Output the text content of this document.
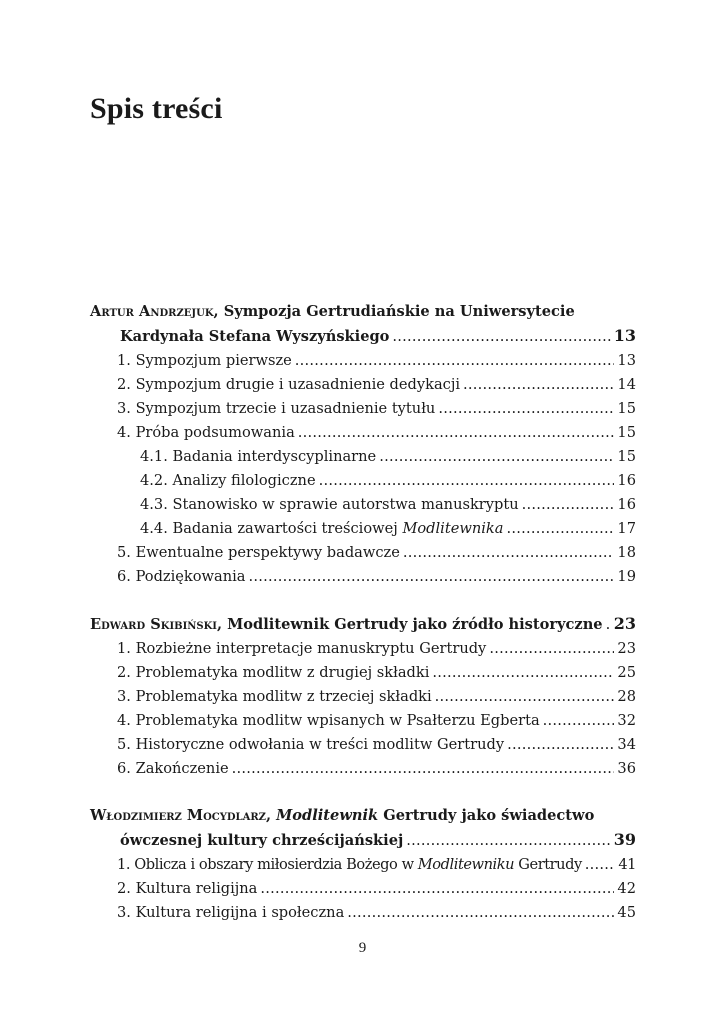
Spis treści
Artur Andrzejuk, Sympozja Gertrudiańskie na Uniwersytecie
Kardynała Stefana Wyszyńskiego . . .	13
1. Sympozjum pierwsze . . .	13
2. Sympozjum drugie i uzasadnienie dedykacji . . .	14
3. Sympozjum trzecie i uzasadnienie tytułu . . .	15
4. Próba podsumowania . . .	15
4.1. Badania interdyscyplinarne . . .	15
4.2. Analizy filologiczne . . .	16
4.3. Stanowisko w sprawie autorstwa manuskryptu . . .	16
4.4. Badania zawartości treściowej Modlitewnika . . .	17
5. Ewentualne perspektywy badawcze . . .	18
6. Podziękowania . . .	19
Edward Skibiński, Modlitewnik Gertrudy jako źródło historyczne . . . 23
1. Rozbieżne interpretacje manuskryptu Gertrudy . . .	23
2. Problematyka modlitw z drugiej składki . . .	25
3. Problematyka modlitw z trzeciej składki . . .	28
4. Problematyka modlitw wpisanych w Psałterzu Egberta . . .	32
5. Historyczne odwołania w treści modlitw Gertrudy . . .	34
6. Zakończenie . . .	36
Włodzimierz Mocydlarz, Modlitewnik Gertrudy jako świadectwo
ówczesnej kultury chrześcijańskiej . . .	39
1. Oblicza i obszary miłosierdzia Bożego w Modlitewniku Gertrudy . . .	41
2. Kultura religijna . . .	42
3. Kultura religijna i społeczna . . .	45
9
